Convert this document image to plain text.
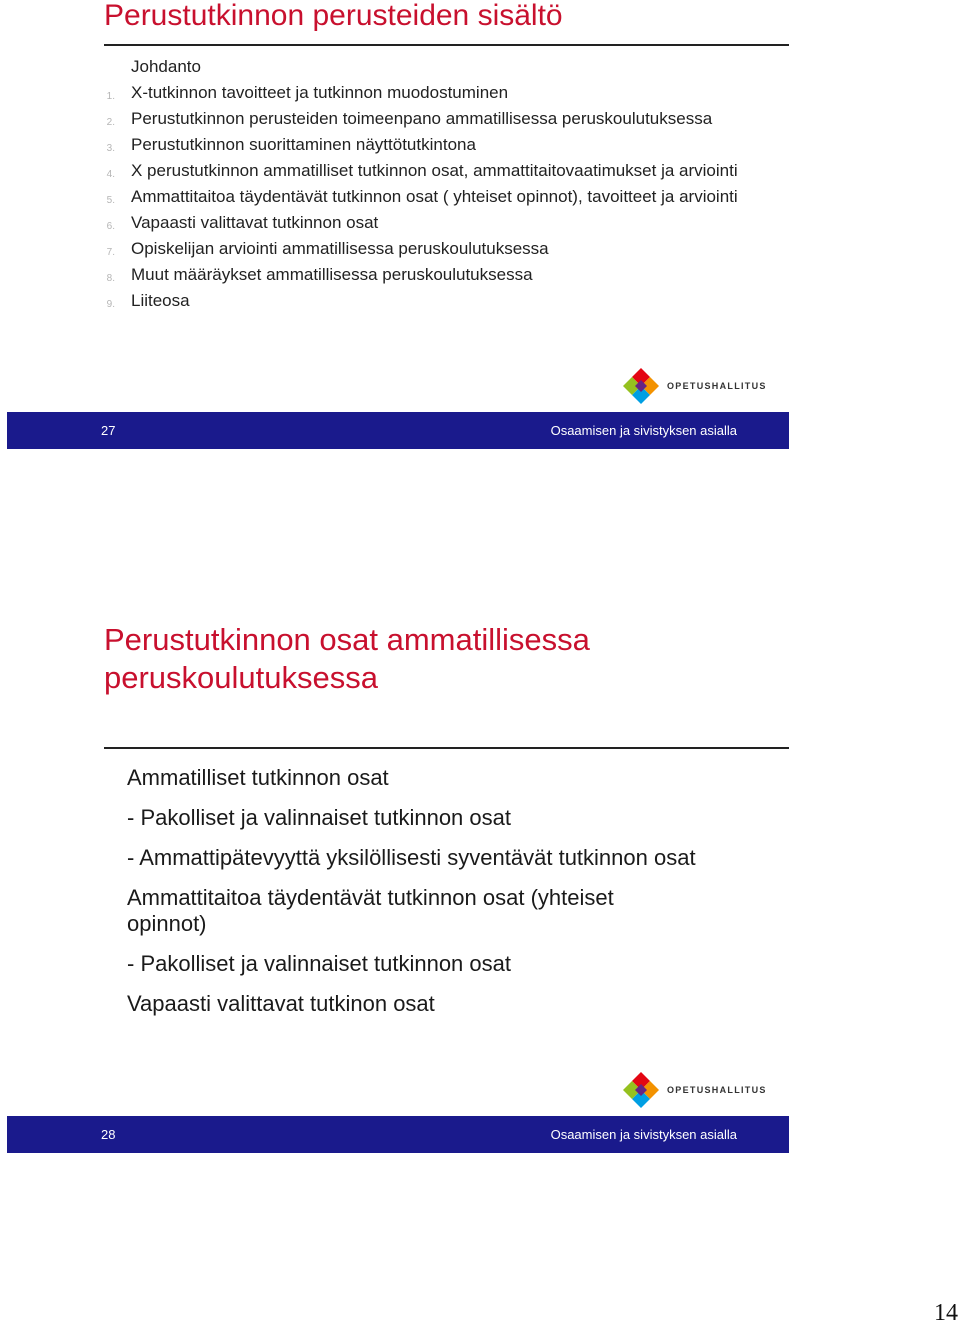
Perustutkinnon perusteiden sisältö
Johdanto
1. X-tutkinnon tavoitteet ja tutkinnon muodostuminen
2. Perustutkinnon perusteiden toimeenpano ammatillisessa peruskoulutuksessa
3. Perustutkinnon suorittaminen näyttötutkintona
4. X perustutkinnon ammatilliset tutkinnon osat, ammattitaitovaatimukset ja arviointi
5. Ammattitaitoa täydentävät tutkinnon osat ( yhteiset opinnot), tavoitteet ja arviointi
6. Vapaasti valittavat tutkinnon osat
7. Opiskelijan arviointi ammatillisessa peruskoulutuksessa
8. Muut määräykset ammatillisessa peruskoulutuksessa
9. Liiteosa
OPETUSHALLITUS
27	Osaamisen ja sivistyksen asialla
Perustutkinnon osat ammatillisessa peruskoulutuksessa
Ammatilliset tutkinnon osat
- Pakolliset ja valinnaiset tutkinnon osat
- Ammattipätevyyttä yksilöllisesti syventävät tutkinnon osat
Ammattitaitoa täydentävät tutkinnon osat (yhteiset opinnot)
- Pakolliset ja valinnaiset tutkinnon osat
Vapaasti valittavat tutkinon osat
OPETUSHALLITUS
28	Osaamisen ja sivistyksen asialla
14
